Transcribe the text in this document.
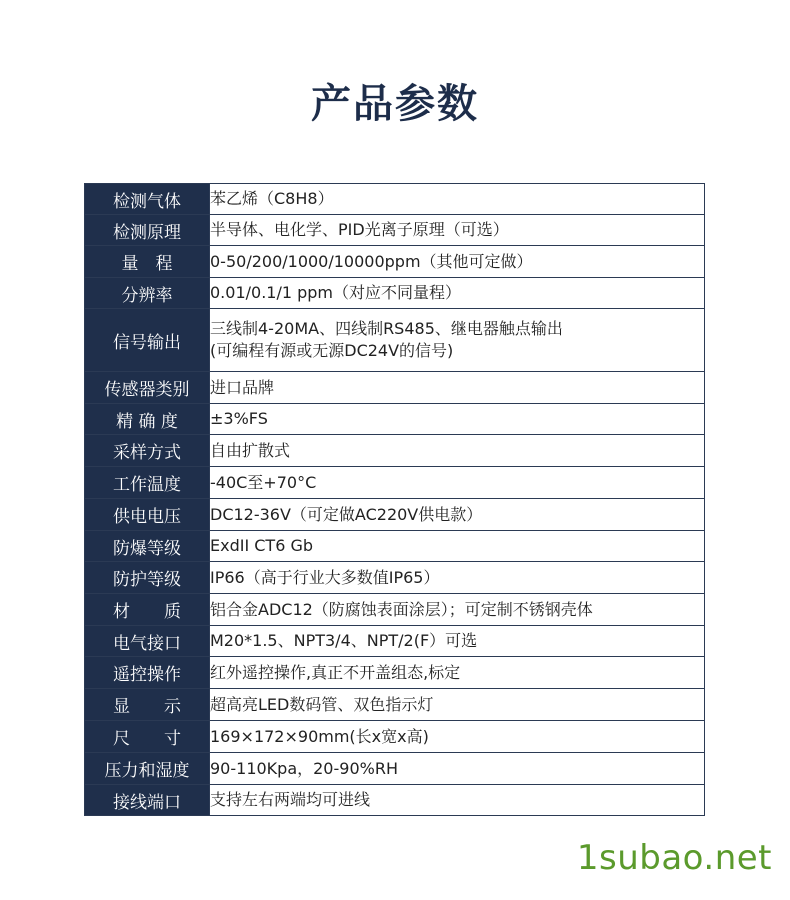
产品参数
检测气体	苯乙烯（C8H8）

检测原理	半导体、电化学、PID光离子原理（可选）

量　程	0-50/200/1000/10000ppm（其他可定做）

分辨率	0.01/0.1/1 ppm（对应不同量程）

信号输出	三线制4-20MA、四线制RS485、继电器触点输出
(可编程有源或无源DC24V的信号)

传感器类别	进口品牌

精 确 度	±3%FS

采样方式	自由扩散式

工作温度	-40C至+70°C

供电电压	DC12-36V（可定做AC220V供电款）

防爆等级	ExdII CT6 Gb

防护等级	IP66（高于行业大多数值IP65）

材　　质	铝合金ADC12（防腐蚀表面涂层）；可定制不锈钢壳体

电气接口	M20*1.5、NPT3/4、NPT/2(F）可选

遥控操作	红外遥控操作,真正不开盖组态,标定

显　　示	超高亮LED数码管、双色指示灯

尺　　寸	169×172×90mm(长x宽x高)

压力和湿度	90-110Kpa，20-90%RH

接线端口	支持左右两端均可进线
1subao.net
